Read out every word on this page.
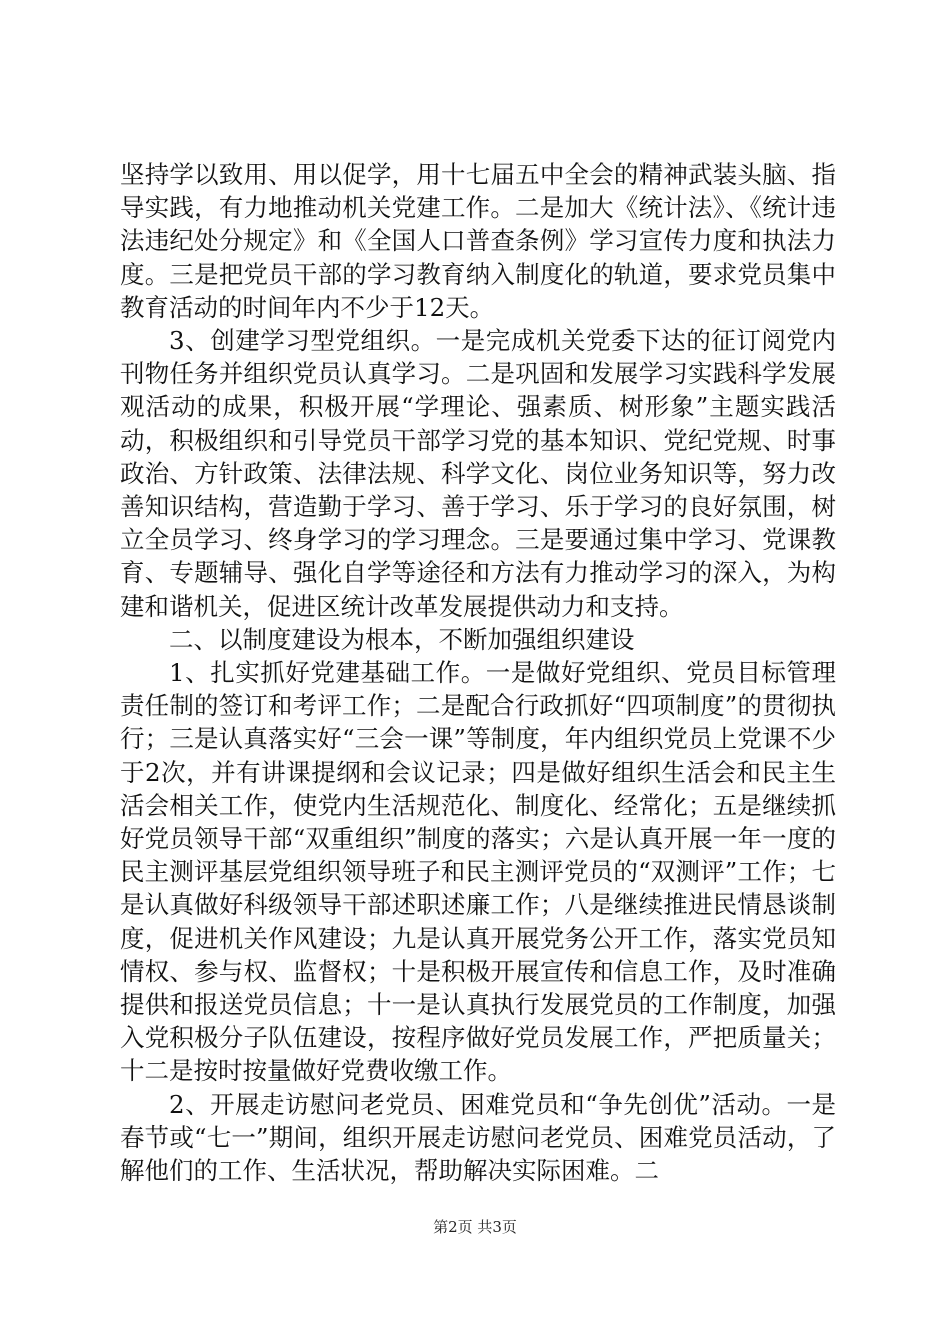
坚持学以致用、用以促学，用十七届五中全会的精神武装头脑、指导实践，有力地推动机关党建工作。二是加大《统计法》、《统计违法违纪处分规定》和《全国人口普查条例》学习宣传力度和执法力度。三是把党员干部的学习教育纳入制度化的轨道，要求党员集中教育活动的时间年内不少于12天。

3、创建学习型党组织。一是完成机关党委下达的征订阅党内刊物任务并组织党员认真学习。二是巩固和发展学习实践科学发展观活动的成果，积极开展“学理论、强素质、树形象”主题实践活动，积极组织和引导党员干部学习党的基本知识、党纪党规、时事政治、方针政策、法律法规、科学文化、岗位业务知识等，努力改善知识结构，营造勤于学习、善于学习、乐于学习的良好氛围，树立全员学习、终身学习的学习理念。三是要通过集中学习、党课教育、专题辅导、强化自学等途径和方法有力推动学习的深入，为构建和谐机关，促进区统计改革发展提供动力和支持。

二、以制度建设为根本，不断加强组织建设

1、扎实抓好党建基础工作。一是做好党组织、党员目标管理责任制的签订和考评工作；二是配合行政抓好“四项制度”的贯彻执行；三是认真落实好“三会一课”等制度，年内组织党员上党课不少于2次，并有讲课提纲和会议记录；四是做好组织生活会和民主生活会相关工作，使党内生活规范化、制度化、经常化；五是继续抓好党员领导干部“双重组织”制度的落实；六是认真开展一年一度的民主测评基层党组织领导班子和民主测评党员的“双测评”工作；七是认真做好科级领导干部述职述廉工作；八是继续推进民情恳谈制度，促进机关作风建设；九是认真开展党务公开工作，落实党员知情权、参与权、监督权；十是积极开展宣传和信息工作，及时准确提供和报送党员信息；十一是认真执行发展党员的工作制度，加强入党积极分子队伍建设，按程序做好党员发展工作，严把质量关；十二是按时按量做好党费收缴工作。

2、开展走访慰问老党员、困难党员和“争先创优”活动。一是春节或“七一”期间，组织开展走访慰问老党员、困难党员活动，了解他们的工作、生活状况，帮助解决实际困难。二

第2页 共3页
